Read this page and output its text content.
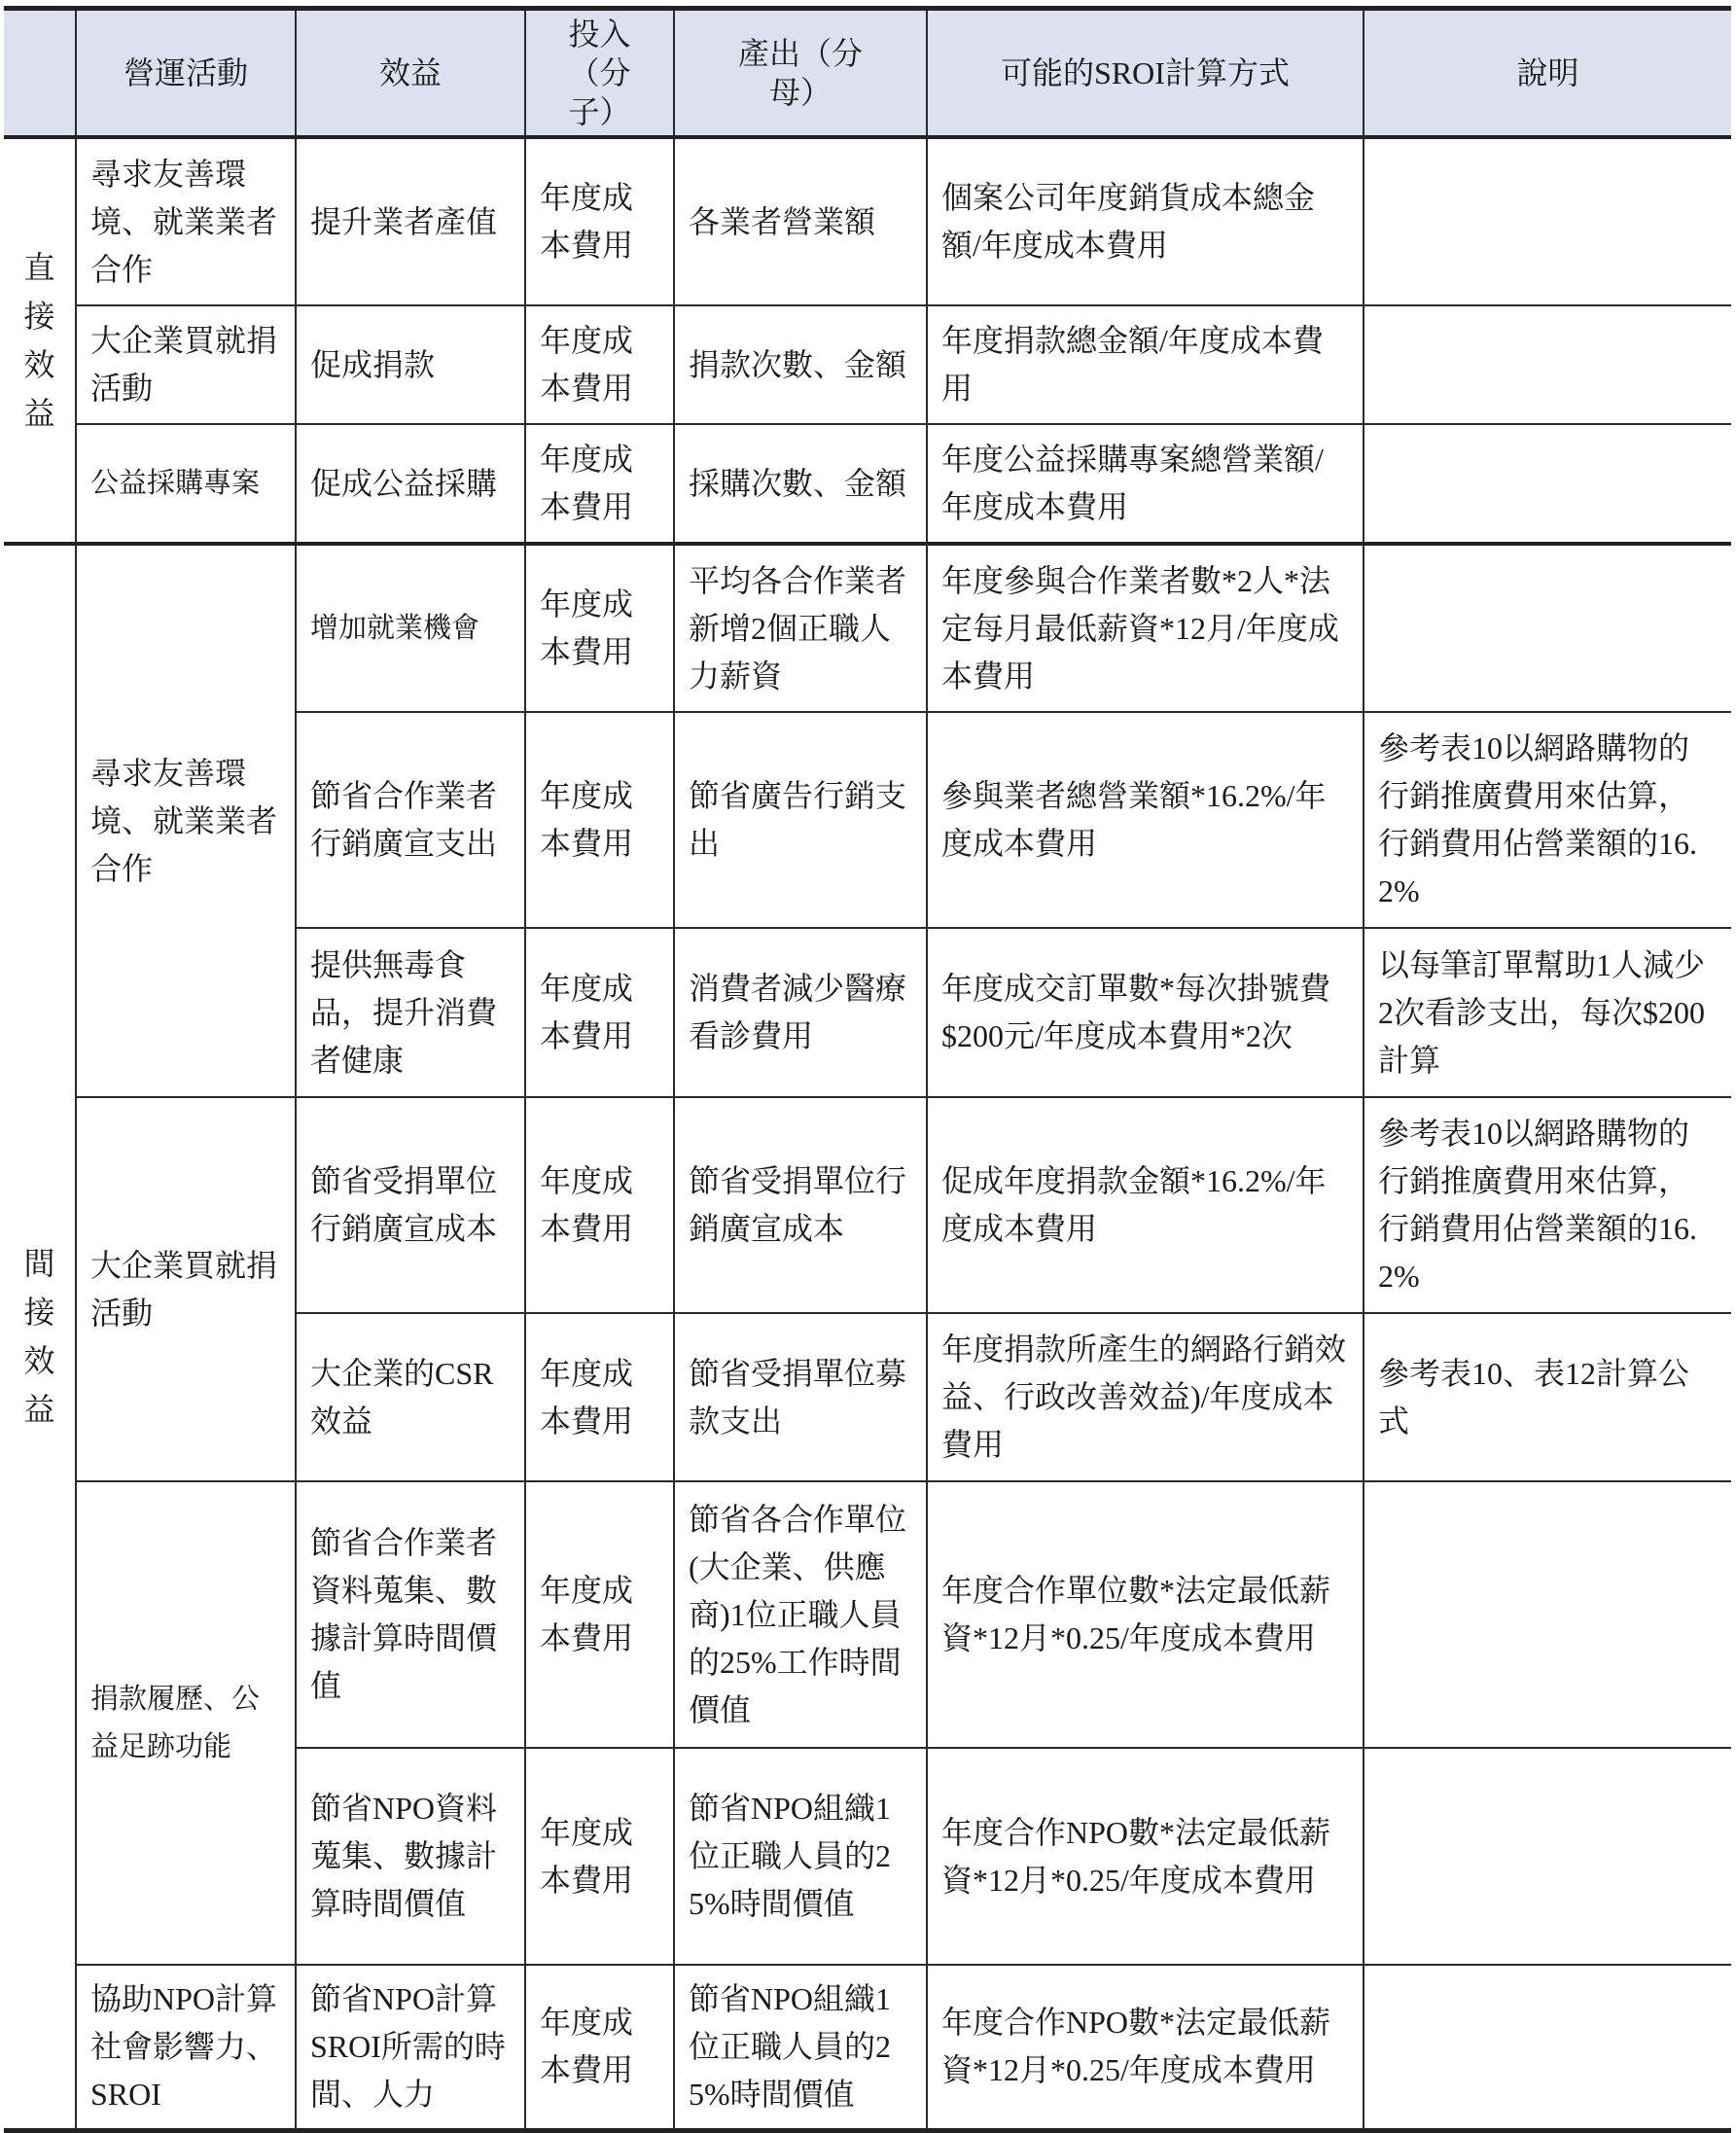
	營運活動	效益	投入（分子）	產出（分母）	可能的SROI計算方式	說明

直接效益	尋求友善環境、就業業者合作	提升業者產值	年度成本費用	各業者營業額	個案公司年度銷貨成本總金額/年度成本費用	
	大企業買就捐活動	促成捐款	年度成本費用	捐款次數、金額	年度捐款總金額/年度成本費用	
	公益採購專案	促成公益採購	年度成本費用	採購次數、金額	年度公益採購專案總營業額/年度成本費用	

間接效益	尋求友善環境、就業業者合作	增加就業機會	年度成本費用	平均各合作業者新增2個正職人力薪資	年度參與合作業者數*2人*法定每月最低薪資*12月/年度成本費用	
		節省合作業者行銷廣宣支出	年度成本費用	節省廣告行銷支出	參與業者總營業額*16.2%/年度成本費用	參考表10以網路購物的行銷推廣費用來估算，行銷費用佔營業額的16.2%
		提供無毒食品，提升消費者健康	年度成本費用	消費者減少醫療看診費用	年度成交訂單數*每次掛號費$200元/年度成本費用*2次	以每筆訂單幫助1人減少2次看診支出，每次$200計算
	大企業買就捐活動	節省受捐單位行銷廣宣成本	年度成本費用	節省受捐單位行銷廣宣成本	促成年度捐款金額*16.2%/年度成本費用	參考表10以網路購物的行銷推廣費用來估算，行銷費用佔營業額的16.2%
		大企業的CSR 效益	年度成本費用	節省受捐單位募款支出	年度捐款所產生的網路行銷效益、行政改善效益)/年度成本費用	參考表10、表12計算公式
	捐款履歷、公益足跡功能	節省合作業者資料蒐集、數據計算時間價值	年度成本費用	節省各合作單位(大企業、供應商)1位正職人員的25%工作時間價值	年度合作單位數*法定最低薪資*12月*0.25/年度成本費用	
		節省NPO資料蒐集、數據計算時間價值	年度成本費用	節省NPO組織1位正職人員的25%時間價值	年度合作NPO數*法定最低薪資*12月*0.25/年度成本費用	
	協助NPO計算社會影響力、SROI	節省NPO計算SROI所需的時間、人力	年度成本費用	節省NPO組織1位正職人員的25%時間價值	年度合作NPO數*法定最低薪資*12月*0.25/年度成本費用	
